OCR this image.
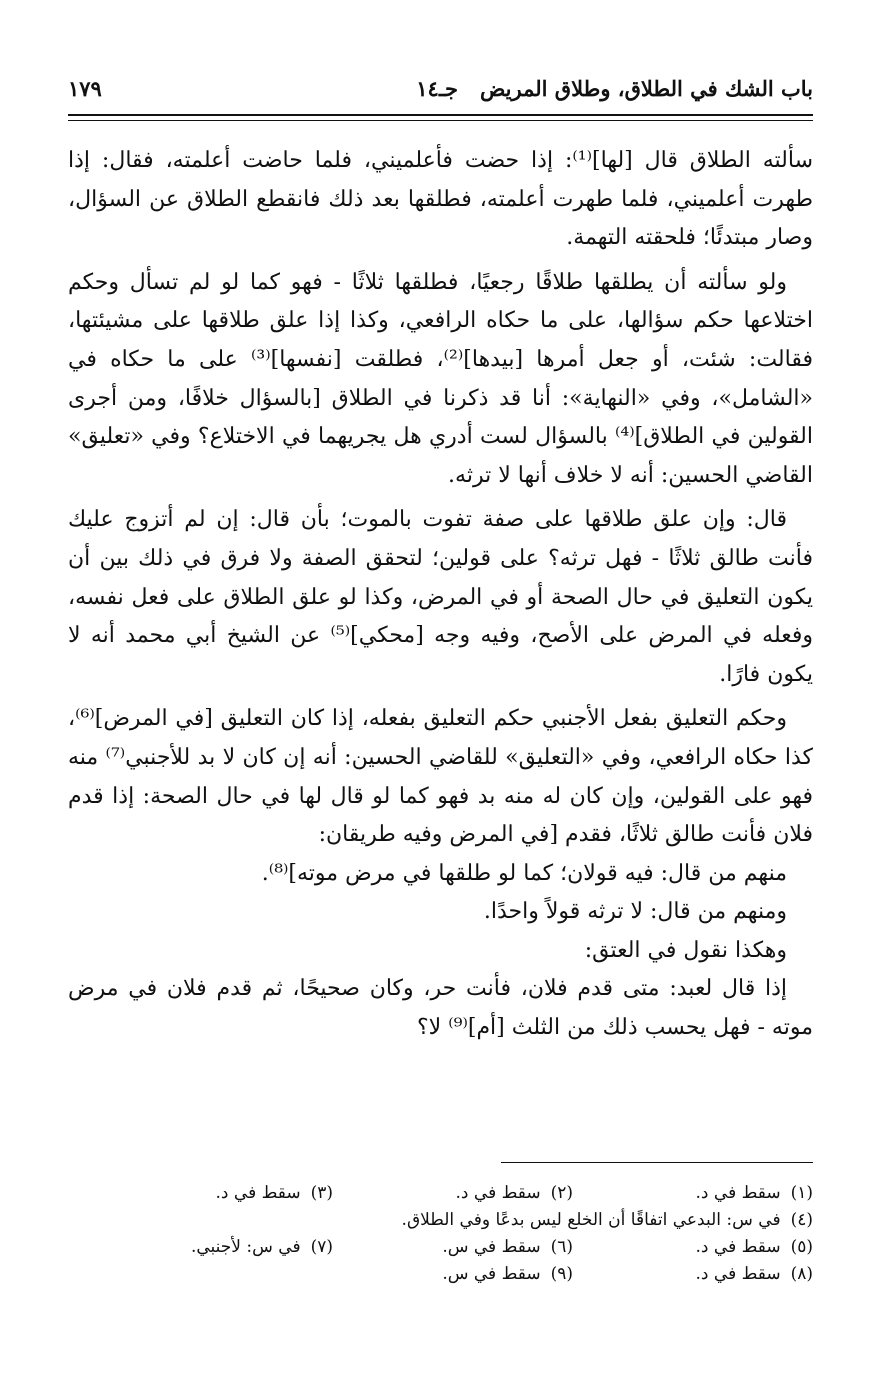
باب الشك في الطلاق، وطلاق المريض
جـ١٤
١٧٩

سألته الطلاق قال [لها]⁽¹⁾: إذا حضت فأعلميني، فلما حاضت أعلمته، فقال: إذا طهرت أعلميني، فلما طهرت أعلمته، فطلقها بعد ذلك فانقطع الطلاق عن السؤال، وصار مبتدئًا؛ فلحقته التهمة.

ولو سألته أن يطلقها طلاقًا رجعيًا، فطلقها ثلاثًا - فهو كما لو لم تسأل وحكم اختلاعها حكم سؤالها، على ما حكاه الرافعي، وكذا إذا علق طلاقها على مشيئتها، فقالت: شئت، أو جعل أمرها [بيدها]⁽²⁾، فطلقت [نفسها]⁽³⁾ على ما حكاه في «الشامل»، وفي «النهاية»: أنا قد ذكرنا في الطلاق [بالسؤال خلافًا، ومن أجرى القولين في الطلاق]⁽⁴⁾ بالسؤال لست أدري هل يجريهما في الاختلاع؟ وفي «تعليق» القاضي الحسين: أنه لا خلاف أنها لا ترثه.

قال: وإن علق طلاقها على صفة تفوت بالموت؛ بأن قال: إن لم أتزوج عليك فأنت طالق ثلاثًا - فهل ترثه؟ على قولين؛ لتحقق الصفة ولا فرق في ذلك بين أن يكون التعليق في حال الصحة أو في المرض، وكذا لو علق الطلاق على فعل نفسه، وفعله في المرض على الأصح، وفيه وجه [محكي]⁽⁵⁾ عن الشيخ أبي محمد أنه لا يكون فارًا.

وحكم التعليق بفعل الأجنبي حكم التعليق بفعله، إذا كان التعليق [في المرض]⁽⁶⁾، كذا حكاه الرافعي، وفي «التعليق» للقاضي الحسين: أنه إن كان لا بد للأجنبي⁽⁷⁾ منه فهو على القولين، وإن كان له منه بد فهو كما لو قال لها في حال الصحة: إذا قدم فلان فأنت طالق ثلاثًا، فقدم [في المرض وفيه طريقان:

منهم من قال: فيه قولان؛ كما لو طلقها في مرض موته]⁽⁸⁾.

ومنهم من قال: لا ترثه قولاً واحدًا.

وهكذا نقول في العتق:

إذا قال لعبد: متى قدم فلان، فأنت حر، وكان صحيحًا، ثم قدم فلان في مرض موته - فهل يحسب ذلك من الثلث [أم]⁽⁹⁾ لا؟

(١)سقط في د.
(٢)سقط في د.
(٣)سقط في د.
(٤)في س: البدعي اتفاقًا أن الخلع ليس بدعًا وفي الطلاق.
(٥)سقط في د.
(٦)سقط في س.
(٧)في س: لأجنبي.
(٨)سقط في د.
(٩)سقط في س.
